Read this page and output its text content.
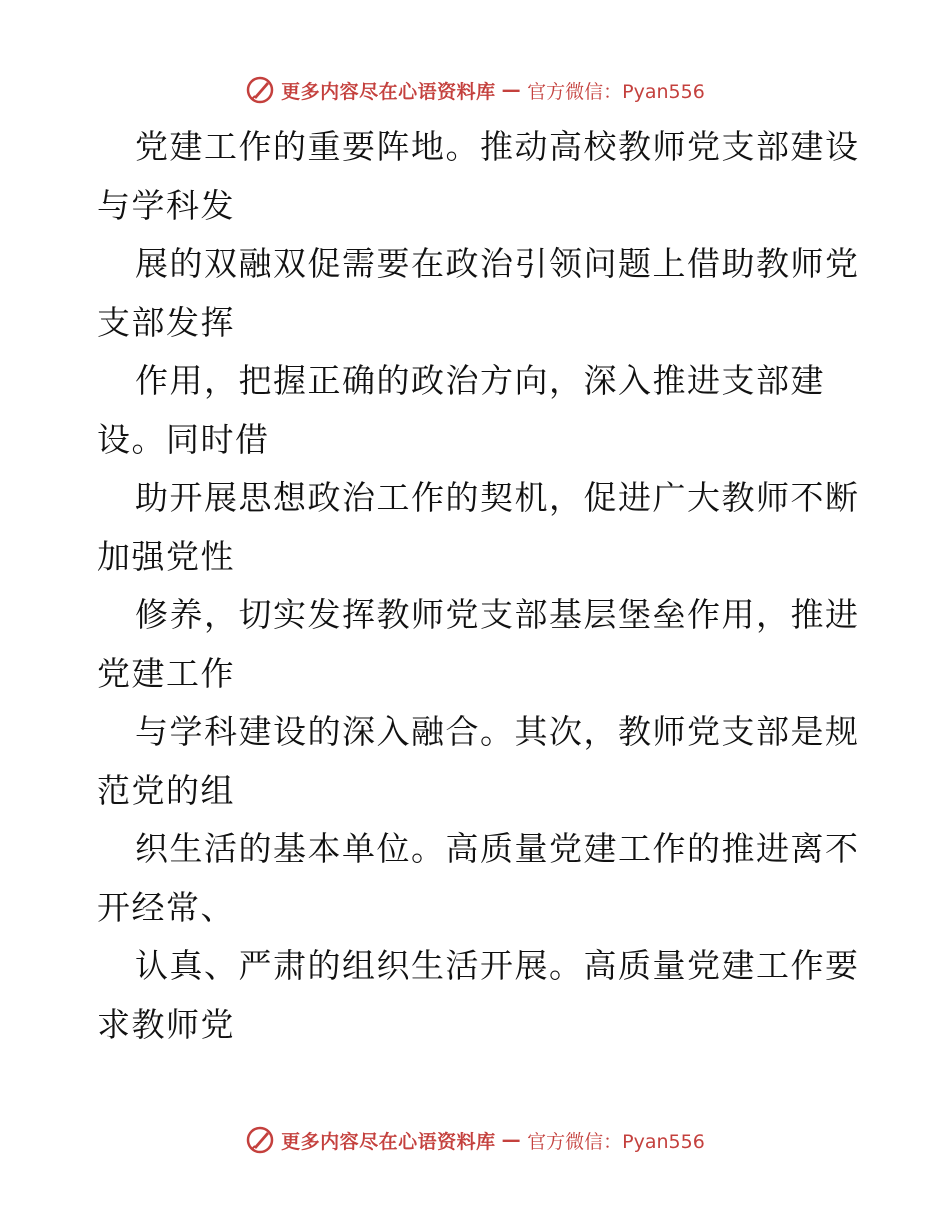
更多内容尽在心语资料库 — 官方微信：Pyan556
党建工作的重要阵地。推动高校教师党支部建设
与学科发
展的双融双促需要在政治引领问题上借助教师党
支部发挥
作用，把握正确的政治方向，深入推进支部建
设。同时借
助开展思想政治工作的契机，促进广大教师不断
加强党性
修养，切实发挥教师党支部基层堡垒作用，推进
党建工作
与学科建设的深入融合。其次，教师党支部是规
范党的组
织生活的基本单位。高质量党建工作的推进离不
开经常、
认真、严肃的组织生活开展。高质量党建工作要
求教师党
更多内容尽在心语资料库 — 官方微信：Pyan556
